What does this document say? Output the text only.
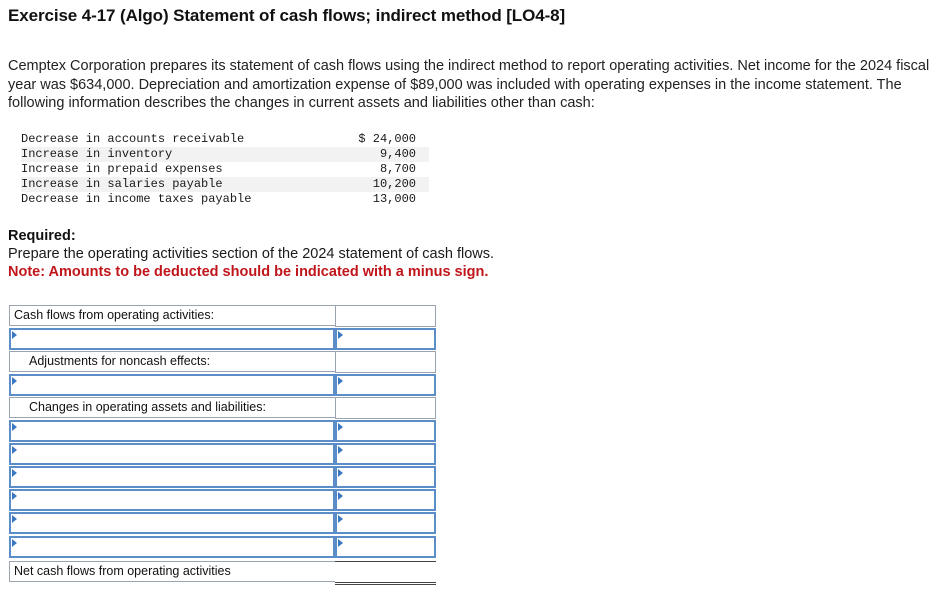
Exercise 4-17 (Algo) Statement of cash flows; indirect method [LO4-8]
Cemptex Corporation prepares its statement of cash flows using the indirect method to report operating activities. Net income for the 2024 fiscal year was $634,000. Depreciation and amortization expense of $89,000 was included with operating expenses in the income statement. The following information describes the changes in current assets and liabilities other than cash:
Decrease in accounts receivable	$ 24,000
Increase in inventory	9,400
Increase in prepaid expenses	8,700
Increase in salaries payable	10,200
Decrease in income taxes payable	13,000
Required:
Prepare the operating activities section of the 2024 statement of cash flows.
Note: Amounts to be deducted should be indicated with a minus sign.
Cash flows from operating activities:
Adjustments for noncash effects:
Changes in operating assets and liabilities:
Net cash flows from operating activities
